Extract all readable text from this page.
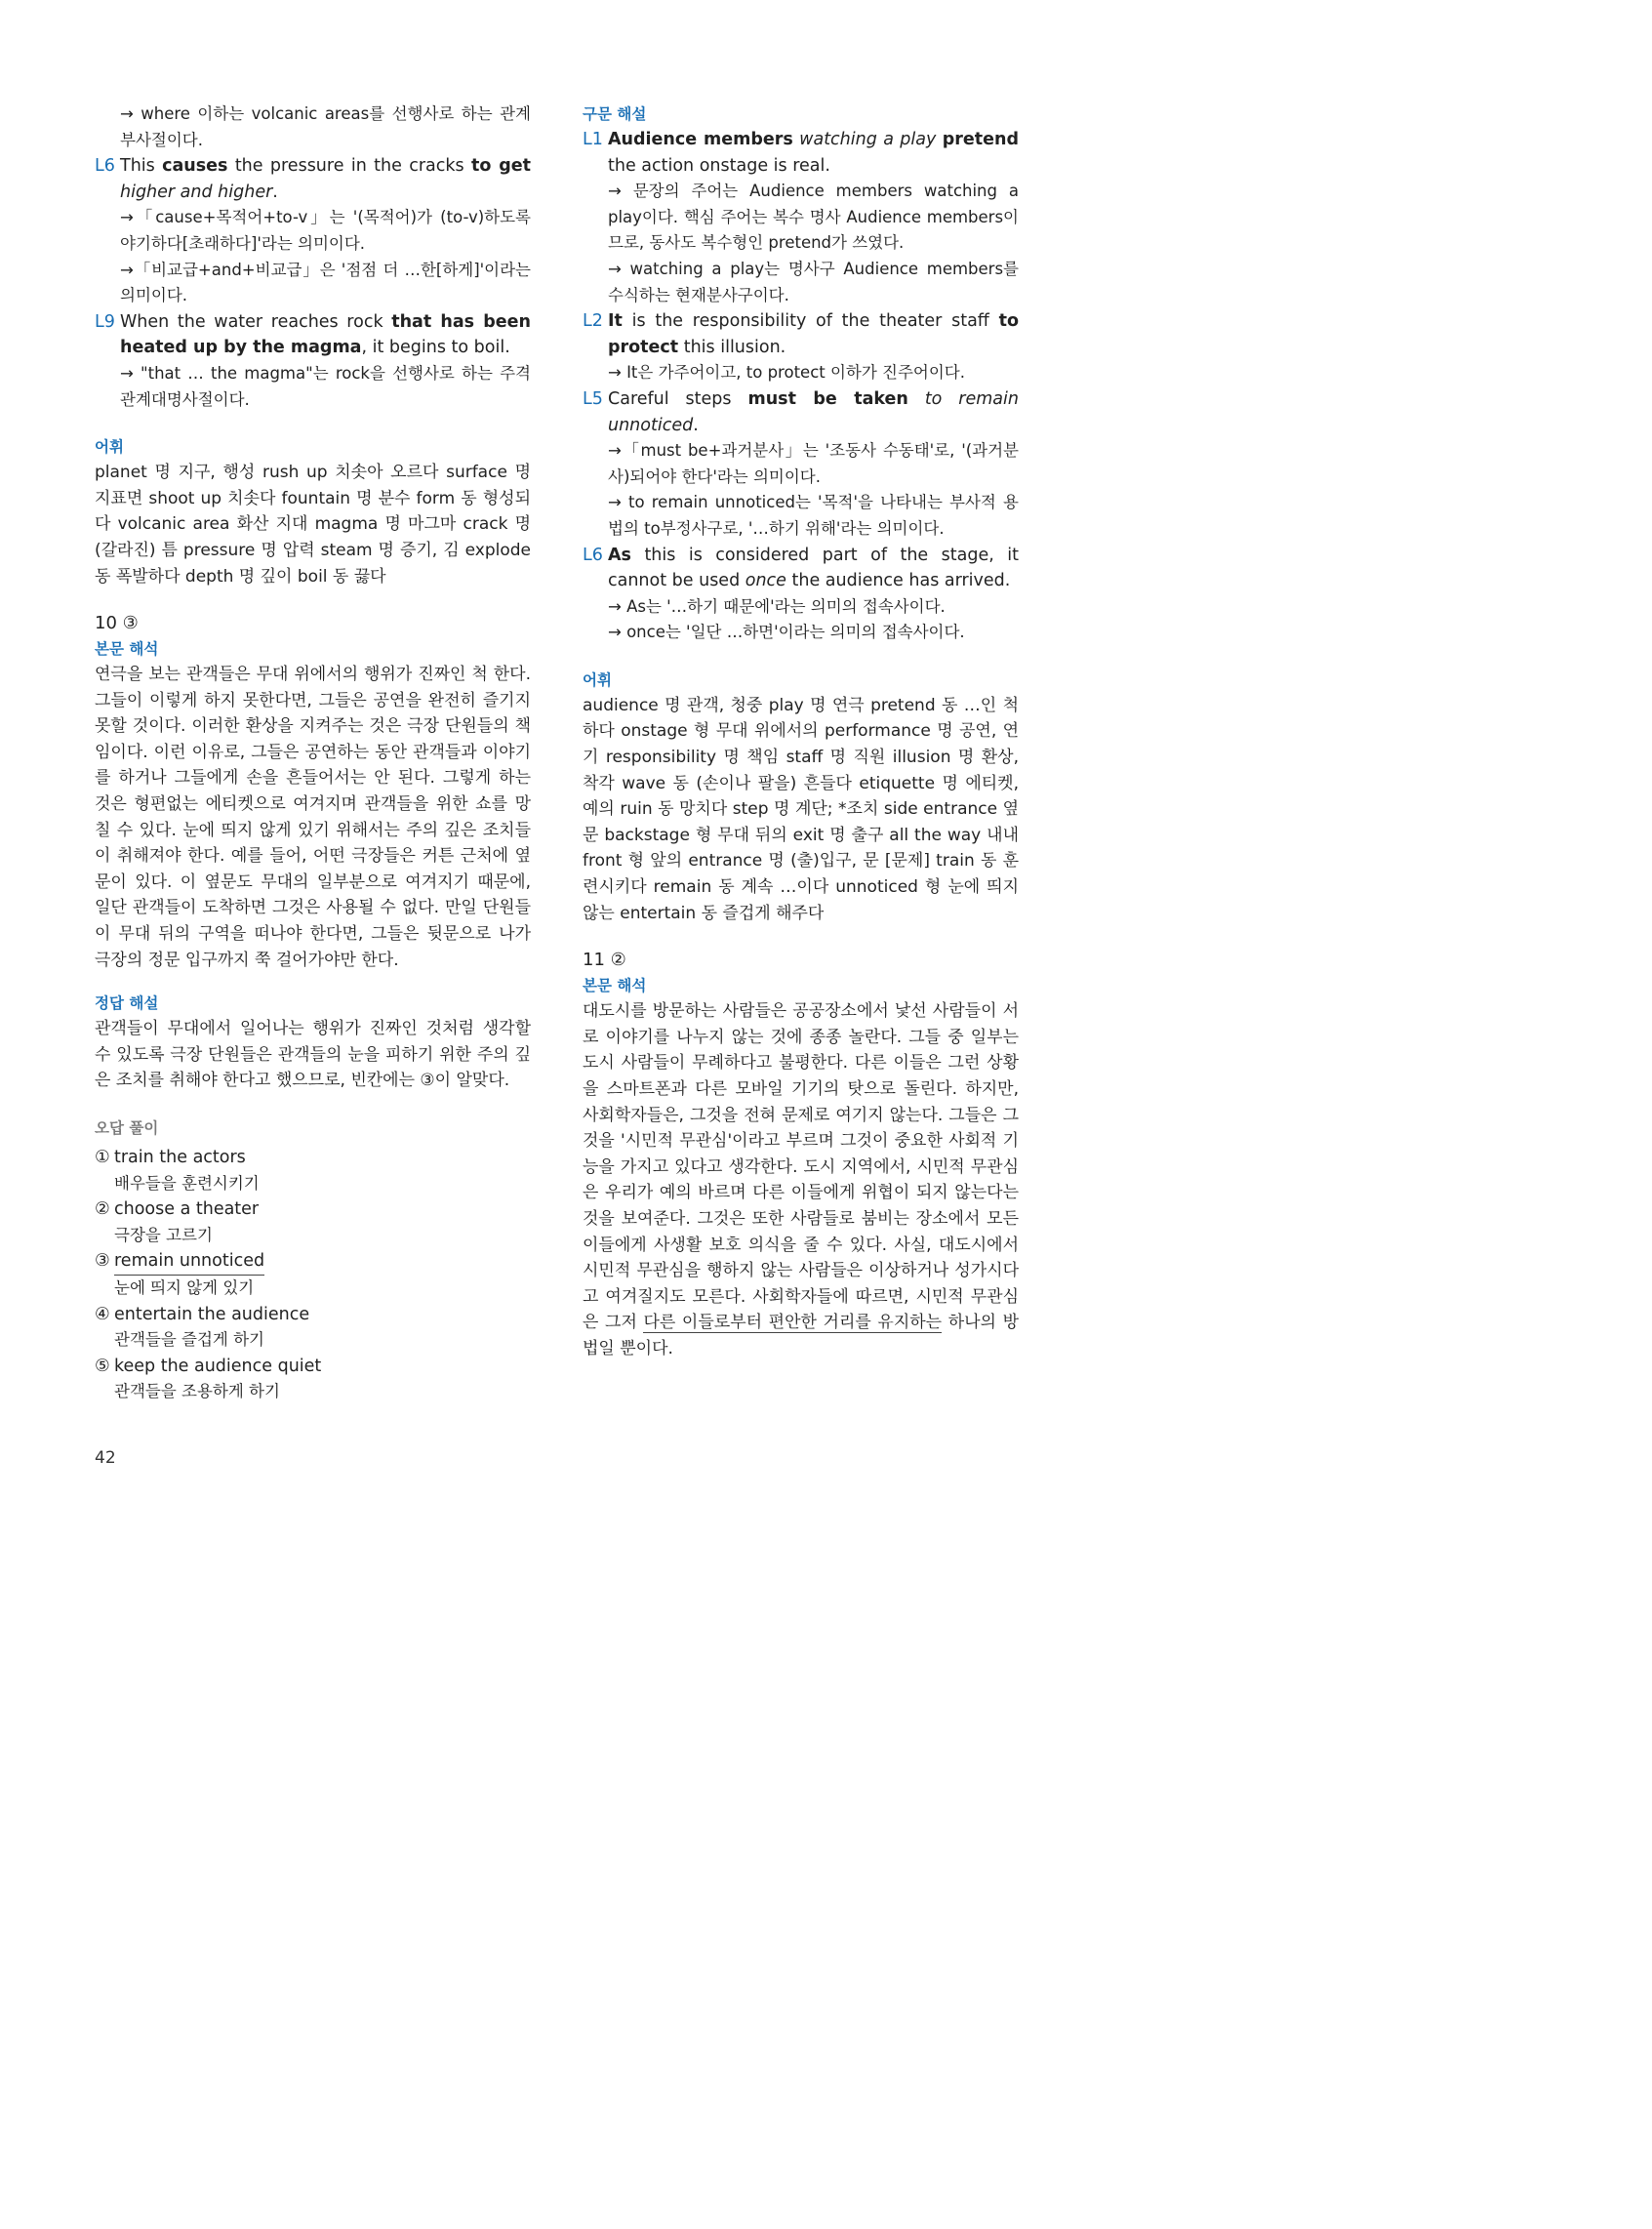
→ where 이하는 volcanic areas를 선행사로 하는 관계부사절이다.
L6 This causes the pressure in the cracks to get higher and higher.
→「cause+목적어+to-v」는 '(목적어)가 (to-v)하도록 야기하다[초래하다]'라는 의미이다.
→「비교급+and+비교급」은 '점점 더 …한[하게]'이라는 의미이다.
L9 When the water reaches rock that has been heated up by the magma, it begins to boil.
→ "that … the magma"는 rock을 선행사로 하는 주격 관계대명사절이다.
어휘
planet 명 지구, 행성 rush up 치솟아 오르다 surface 명 지표면 shoot up 치솟다 fountain 명 분수 form 동 형성되다 volcanic area 화산 지대 magma 명 마그마 crack 명 (갈라진) 틈 pressure 명 압력 steam 명 증기, 김 explode 동 폭발하다 depth 명 깊이 boil 동 끓다
10 ③
본문 해석
연극을 보는 관객들은 무대 위에서의 행위가 진짜인 척 한다. 그들이 이렇게 하지 못한다면, 그들은 공연을 완전히 즐기지 못할 것이다. 이러한 환상을 지켜주는 것은 극장 단원들의 책임이다. 이런 이유로, 그들은 공연하는 동안 관객들과 이야기를 하거나 그들에게 손을 흔들어서는 안 된다. 그렇게 하는 것은 형편없는 에티켓으로 여겨지며 관객들을 위한 쇼를 망칠 수 있다. 눈에 띄지 않게 있기 위해서는 주의 깊은 조치들이 취해져야 한다. 예를 들어, 어떤 극장들은 커튼 근처에 옆문이 있다. 이 옆문도 무대의 일부분으로 여겨지기 때문에, 일단 관객들이 도착하면 그것은 사용될 수 없다. 만일 단원들이 무대 뒤의 구역을 떠나야 한다면, 그들은 뒷문으로 나가 극장의 정문 입구까지 쭉 걸어가야만 한다.
정답 해설
관객들이 무대에서 일어나는 행위가 진짜인 것처럼 생각할 수 있도록 극장 단원들은 관객들의 눈을 피하기 위한 주의 깊은 조치를 취해야 한다고 했으므로, 빈칸에는 ③이 알맞다.
오답 풀이
① train the actors
배우들을 훈련시키기
② choose a theater
극장을 고르기
③ remain unnoticed
눈에 띄지 않게 있기
④ entertain the audience
관객들을 즐겁게 하기
⑤ keep the audience quiet
관객들을 조용하게 하기
구문 해설
L1 Audience members watching a play pretend the action onstage is real.
→ 문장의 주어는 Audience members watching a play이다. 핵심 주어는 복수 명사 Audience members이므로, 동사도 복수형인 pretend가 쓰였다.
→ watching a play는 명사구 Audience members를 수식하는 현재분사구이다.
L2 It is the responsibility of the theater staff to protect this illusion.
→ It은 가주어이고, to protect 이하가 진주어이다.
L5 Careful steps must be taken to remain unnoticed.
→「must be+과거분사」는 '조동사 수동태'로, '(과거분사)되어야 한다'라는 의미이다.
→ to remain unnoticed는 '목적'을 나타내는 부사적 용법의 to부정사구로, '…하기 위해'라는 의미이다.
L6 As this is considered part of the stage, it cannot be used once the audience has arrived.
→ As는 '…하기 때문에'라는 의미의 접속사이다.
→ once는 '일단 …하면'이라는 의미의 접속사이다.
어휘
audience 명 관객, 청중 play 명 연극 pretend 동 …인 척하다 onstage 형 무대 위에서의 performance 명 공연, 연기 responsibility 명 책임 staff 명 직원 illusion 명 환상, 착각 wave 동 (손이나 팔을) 흔들다 etiquette 명 에티켓, 예의 ruin 동 망치다 step 명 계단; *조치 side entrance 옆문 backstage 형 무대 뒤의 exit 명 출구 all the way 내내 front 형 앞의 entrance 명 (출)입구, 문 [문제] train 동 훈련시키다 remain 동 계속 …이다 unnoticed 형 눈에 띄지 않는 entertain 동 즐겁게 해주다
11 ②
본문 해석
대도시를 방문하는 사람들은 공공장소에서 낯선 사람들이 서로 이야기를 나누지 않는 것에 종종 놀란다. 그들 중 일부는 도시 사람들이 무례하다고 불평한다. 다른 이들은 그런 상황을 스마트폰과 다른 모바일 기기의 탓으로 돌린다. 하지만, 사회학자들은, 그것을 전혀 문제로 여기지 않는다. 그들은 그것을 '시민적 무관심'이라고 부르며 그것이 중요한 사회적 기능을 가지고 있다고 생각한다. 도시 지역에서, 시민적 무관심은 우리가 예의 바르며 다른 이들에게 위협이 되지 않는다는 것을 보여준다. 그것은 또한 사람들로 붐비는 장소에서 모든 이들에게 사생활 보호 의식을 줄 수 있다. 사실, 대도시에서 시민적 무관심을 행하지 않는 사람들은 이상하거나 성가시다고 여겨질지도 모른다. 사회학자들에 따르면, 시민적 무관심은 그저 다른 이들로부터 편안한 거리를 유지하는 하나의 방법일 뿐이다.
42
